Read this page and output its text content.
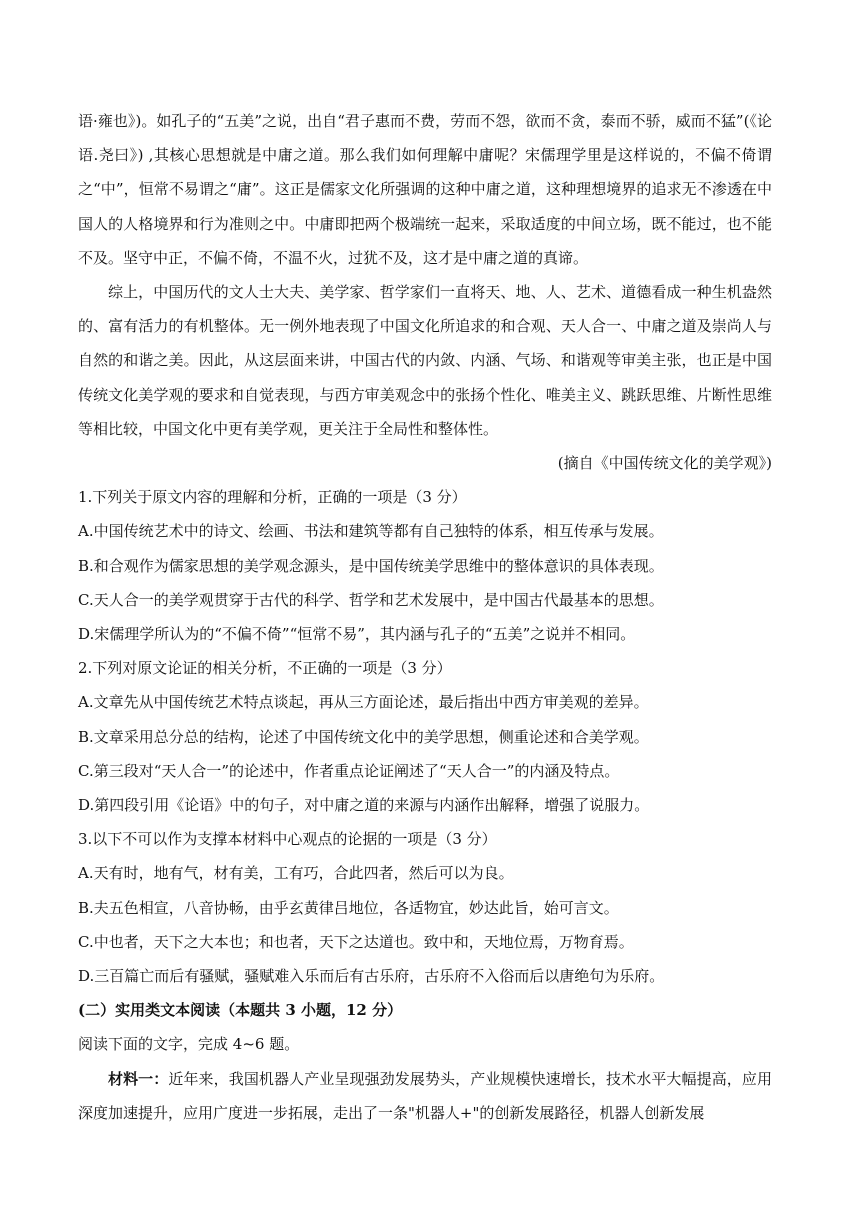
语·雍也》)。如孔子的“五美”之说，出自“君子惠而不费，劳而不怨，欲而不贪，泰而不骄，威而不猛”(《论语.尧曰》) ,其核心思想就是中庸之道。那么我们如何理解中庸呢？宋儒理学里是这样说的，不偏不倚谓之“中”，恒常不易谓之“庸”。这正是儒家文化所强调的这种中庸之道，这种理想境界的追求无不渗透在中国人的人格境界和行为准则之中。中庸即把两个极端统一起来，采取适度的中间立场，既不能过，也不能不及。坚守中正，不偏不倚，不温不火，过犹不及，这才是中庸之道的真谛。

综上，中国历代的文人士大夫、美学家、哲学家们一直将天、地、人、艺术、道德看成一种生机盎然的、富有活力的有机整体。无一例外地表现了中国文化所追求的和合观、天人合一、中庸之道及崇尚人与自然的和谐之美。因此，从这层面来讲，中国古代的内敛、内涵、气场、和谐观等审美主张，也正是中国传统文化美学观的要求和自觉表现，与西方审美观念中的张扬个性化、唯美主义、跳跃思维、片断性思维等相比较，中国文化中更有美学观，更关注于全局性和整体性。

(摘自《中国传统文化的美学观》)

1.下列关于原文内容的理解和分析，正确的一项是（3 分）

A.中国传统艺术中的诗文、绘画、书法和建筑等都有自己独特的体系，相互传承与发展。

B.和合观作为儒家思想的美学观念源头，是中国传统美学思维中的整体意识的具体表现。

C.天人合一的美学观贯穿于古代的科学、哲学和艺术发展中，是中国古代最基本的思想。

D.宋儒理学所认为的“不偏不倚”“恒常不易”，其内涵与孔子的“五美”之说并不相同。

2.下列对原文论证的相关分析，不正确的一项是（3 分）

A.文章先从中国传统艺术特点谈起，再从三方面论述，最后指出中西方审美观的差异。

B.文章采用总分总的结构，论述了中国传统文化中的美学思想，侧重论述和合美学观。

C.第三段对“天人合一”的论述中，作者重点论证阐述了“天人合一”的内涵及特点。

D.第四段引用《论语》中的句子，对中庸之道的来源与内涵作出解释，增强了说服力。

3.以下不可以作为支撑本材料中心观点的论据的一项是（3 分）

A.天有时，地有气，材有美，工有巧，合此四者，然后可以为良。

B.夫五色相宣，八音协畅，由乎玄黄律吕地位，各适物宜，妙达此旨，始可言文。

C.中也者，天下之大本也；和也者，天下之达道也。致中和，天地位焉，万物育焉。

D.三百篇亡而后有骚赋，骚赋难入乐而后有古乐府，古乐府不入俗而后以唐绝句为乐府。

(二）实用类文本阅读（本题共 3 小题，12 分）

阅读下面的文字，完成 4~6 题。

材料一：近年来，我国机器人产业呈现强劲发展势头，产业规模快速增长，技术水平大幅提高，应用深度加速提升，应用广度进一步拓展，走出了一条"机器人+"的创新发展路径，机器人创新发展
